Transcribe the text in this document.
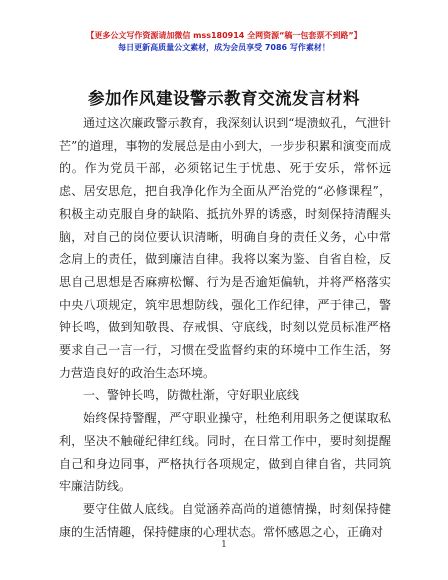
【更多公文写作资源请加微信 mss180914 全网资源“稿一包套票不到路”】
每日更新高质量公文素材，成为会员享受 7086 写作素材！
参加作风建设警示教育交流发言材料

通过这次廉政警示教育，我深刻认识到“堤溃蚁孔，气泄针芒”的道理，事物的发展总是由小到大，一步步积累和演变而成的。作为党员干部，必须铭记生于忧患、死于安乐，常怀远虑、居安思危，把自我净化作为全面从严治党的“必修课程”，积极主动克服自身的缺陷、抵抗外界的诱惑，时刻保持清醒头脑，对自己的岗位要认识清晰，明确自身的责任义务，心中常念肩上的责任，做到廉洁自律。我将以案为鉴、自省自检，反思自己思想是否麻痹松懈、行为是否逾矩偏轨，并将严格落实中央八项规定，筑牢思想防线，强化工作纪律，严于律己，警钟长鸣，做到知敬畏、存戒惧、守底线，时刻以党员标准严格要求自己一言一行，习惯在受监督约束的环境中工作生活，努力营造良好的政治生态环境。

一、警钟长鸣，防微杜渐，守好职业底线

始终保持警醒，严守职业操守，杜绝利用职务之便谋取私利，坚决不触碰纪律红线。同时，在日常工作中，要时刻提醒自己和身边同事，严格执行各项规定，做到自律自省，共同筑牢廉洁防线。

要守住做人底线。自觉涵养高尚的道德情操，时刻保持健康的生活情趣，保持健康的心理状态。常怀感恩之心，正确对

1
